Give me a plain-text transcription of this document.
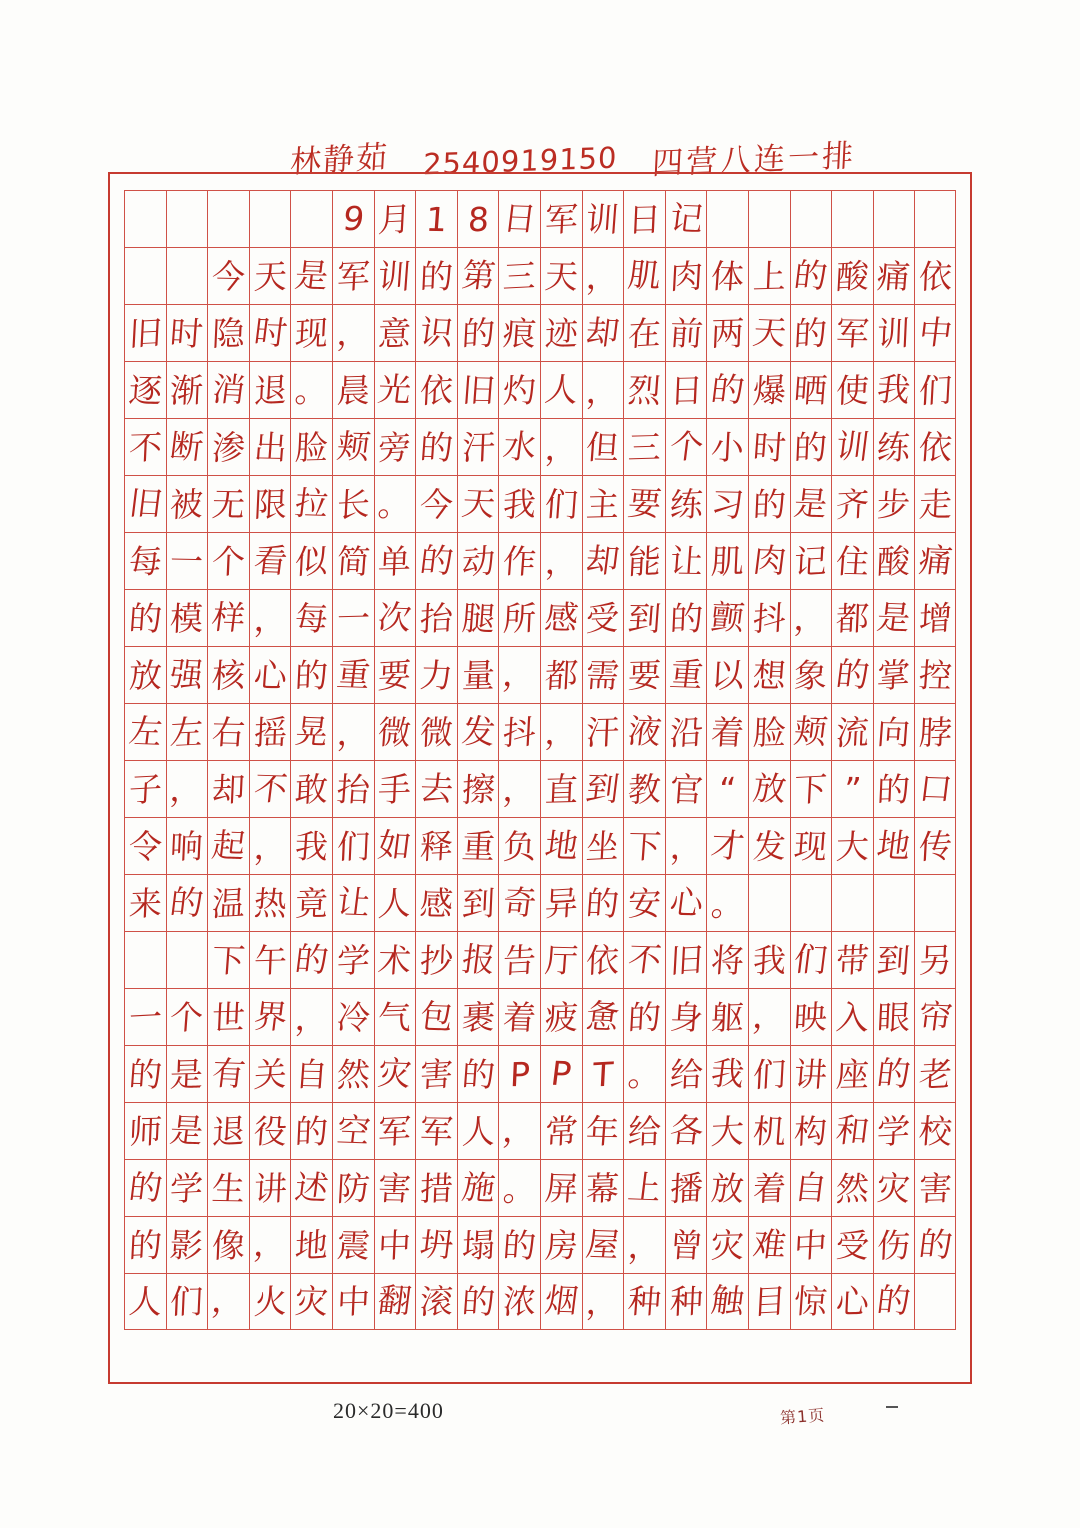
林静茹 2540919150 四营八连一排
9 月 1 8 日 军 训 日 记
今 天 是 军 训 的 第 三 天 ， 肌 肉 体 上 的 酸 痛 依
旧 时 隐 时 现 ， 意 识 的 痕 迹 却 在 前 两 天 的 军 训 中
逐 渐 消 退 。 晨 光 依 旧 灼 人 ， 烈 日 的 爆 晒 使 我 们
不 断 渗 出 脸 颊 旁 的 汗 水 ， 但 三 个 小 时 的 训 练 依
旧 被 无 限 拉 长 。 今 天 我 们 主 要 练 习 的 是 齐 步 走
每 一 个 看 似 简 单 的 动 作 ， 却 能 让 肌 肉 记 住 酸 痛
的 模 样 ， 每 一 次 抬 腿 所 感 受 到 的 颤 抖 ， 都 是 增
放 强 核 心 的 重 要 力 量 ， 都 需 要 重 以 想 象 的 掌 控
左 左 右 摇 晃 ， 微 微 发 抖 ， 汗 液 沿 着 脸 颊 流 向 脖
子 ， 却 不 敢 抬 手 去 擦 ， 直 到 教 官 “ 放 下 ” 的 口
令 响 起 ， 我 们 如 释 重 负 地 坐 下 ， 才 发 现 大 地 传
来 的 温 热 竟 让 人 感 到 奇 异 的 安 心 。
下 午 的 学 术 抄 报 告 厅 依 不 旧 将 我 们 带 到 另
一 个 世 界 ， 冷 气 包 裹 着 疲 惫 的 身 躯 ， 映 入 眼 帘
的 是 有 关 自 然 灾 害 的 P P T 。 给 我 们 讲 座 的 老
师 是 退 役 的 空 军 军 人 ， 常 年 给 各 大 机 构 和 学 校
的 学 生 讲 述 防 害 措 施 。 屏 幕 上 播 放 着 自 然 灾 害
的 影 像 ， 地 震 中 坍 塌 的 房 屋 ， 曾 灾 难 中 受 伤 的
人 们 ， 火 灾 中 翻 滚 的 浓 烟 ， 种 种 触 目 惊 心 的
20×20=400	第1页
